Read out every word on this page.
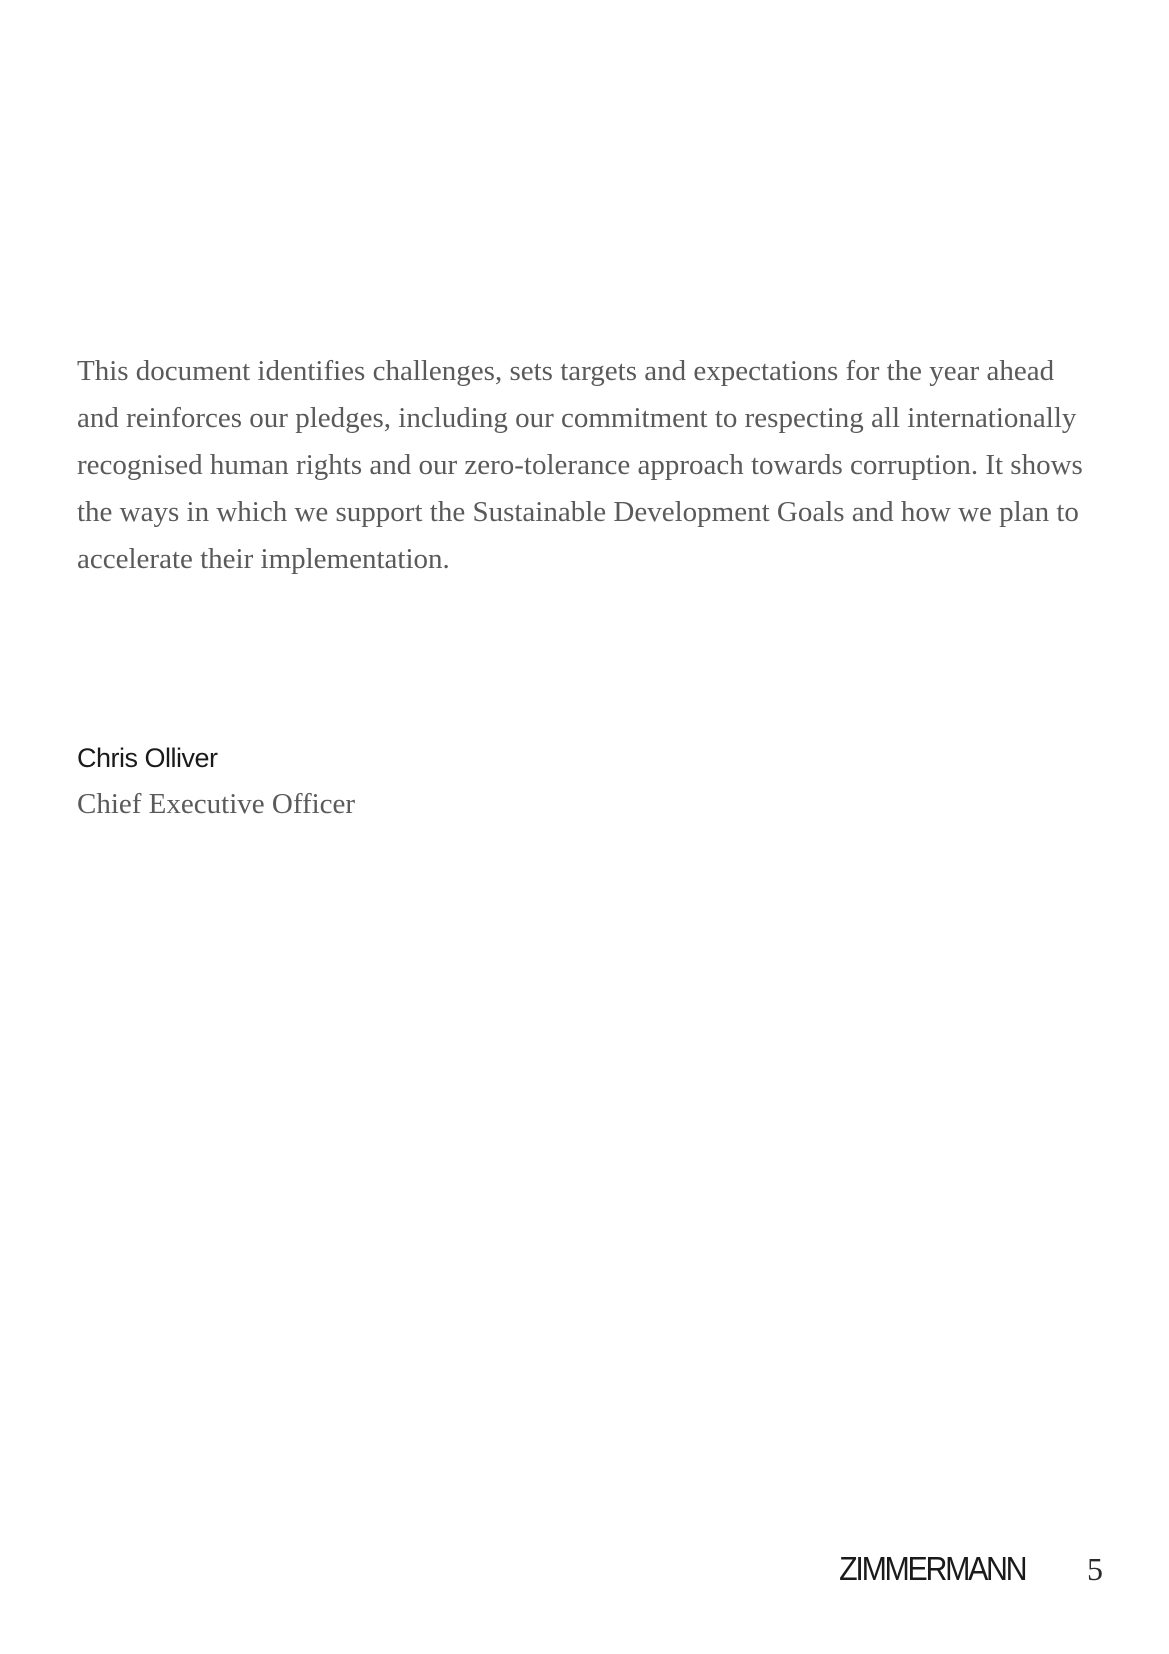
This document identifies challenges, sets targets and expectations for the year ahead and reinforces our pledges, including our commitment to respecting all internationally recognised human rights and our zero-tolerance approach towards corruption. It shows the ways in which we support the Sustainable Development Goals and how we plan to accelerate their implementation.

Chris Olliver
Chief Executive Officer
ZIMMERMANN 5
